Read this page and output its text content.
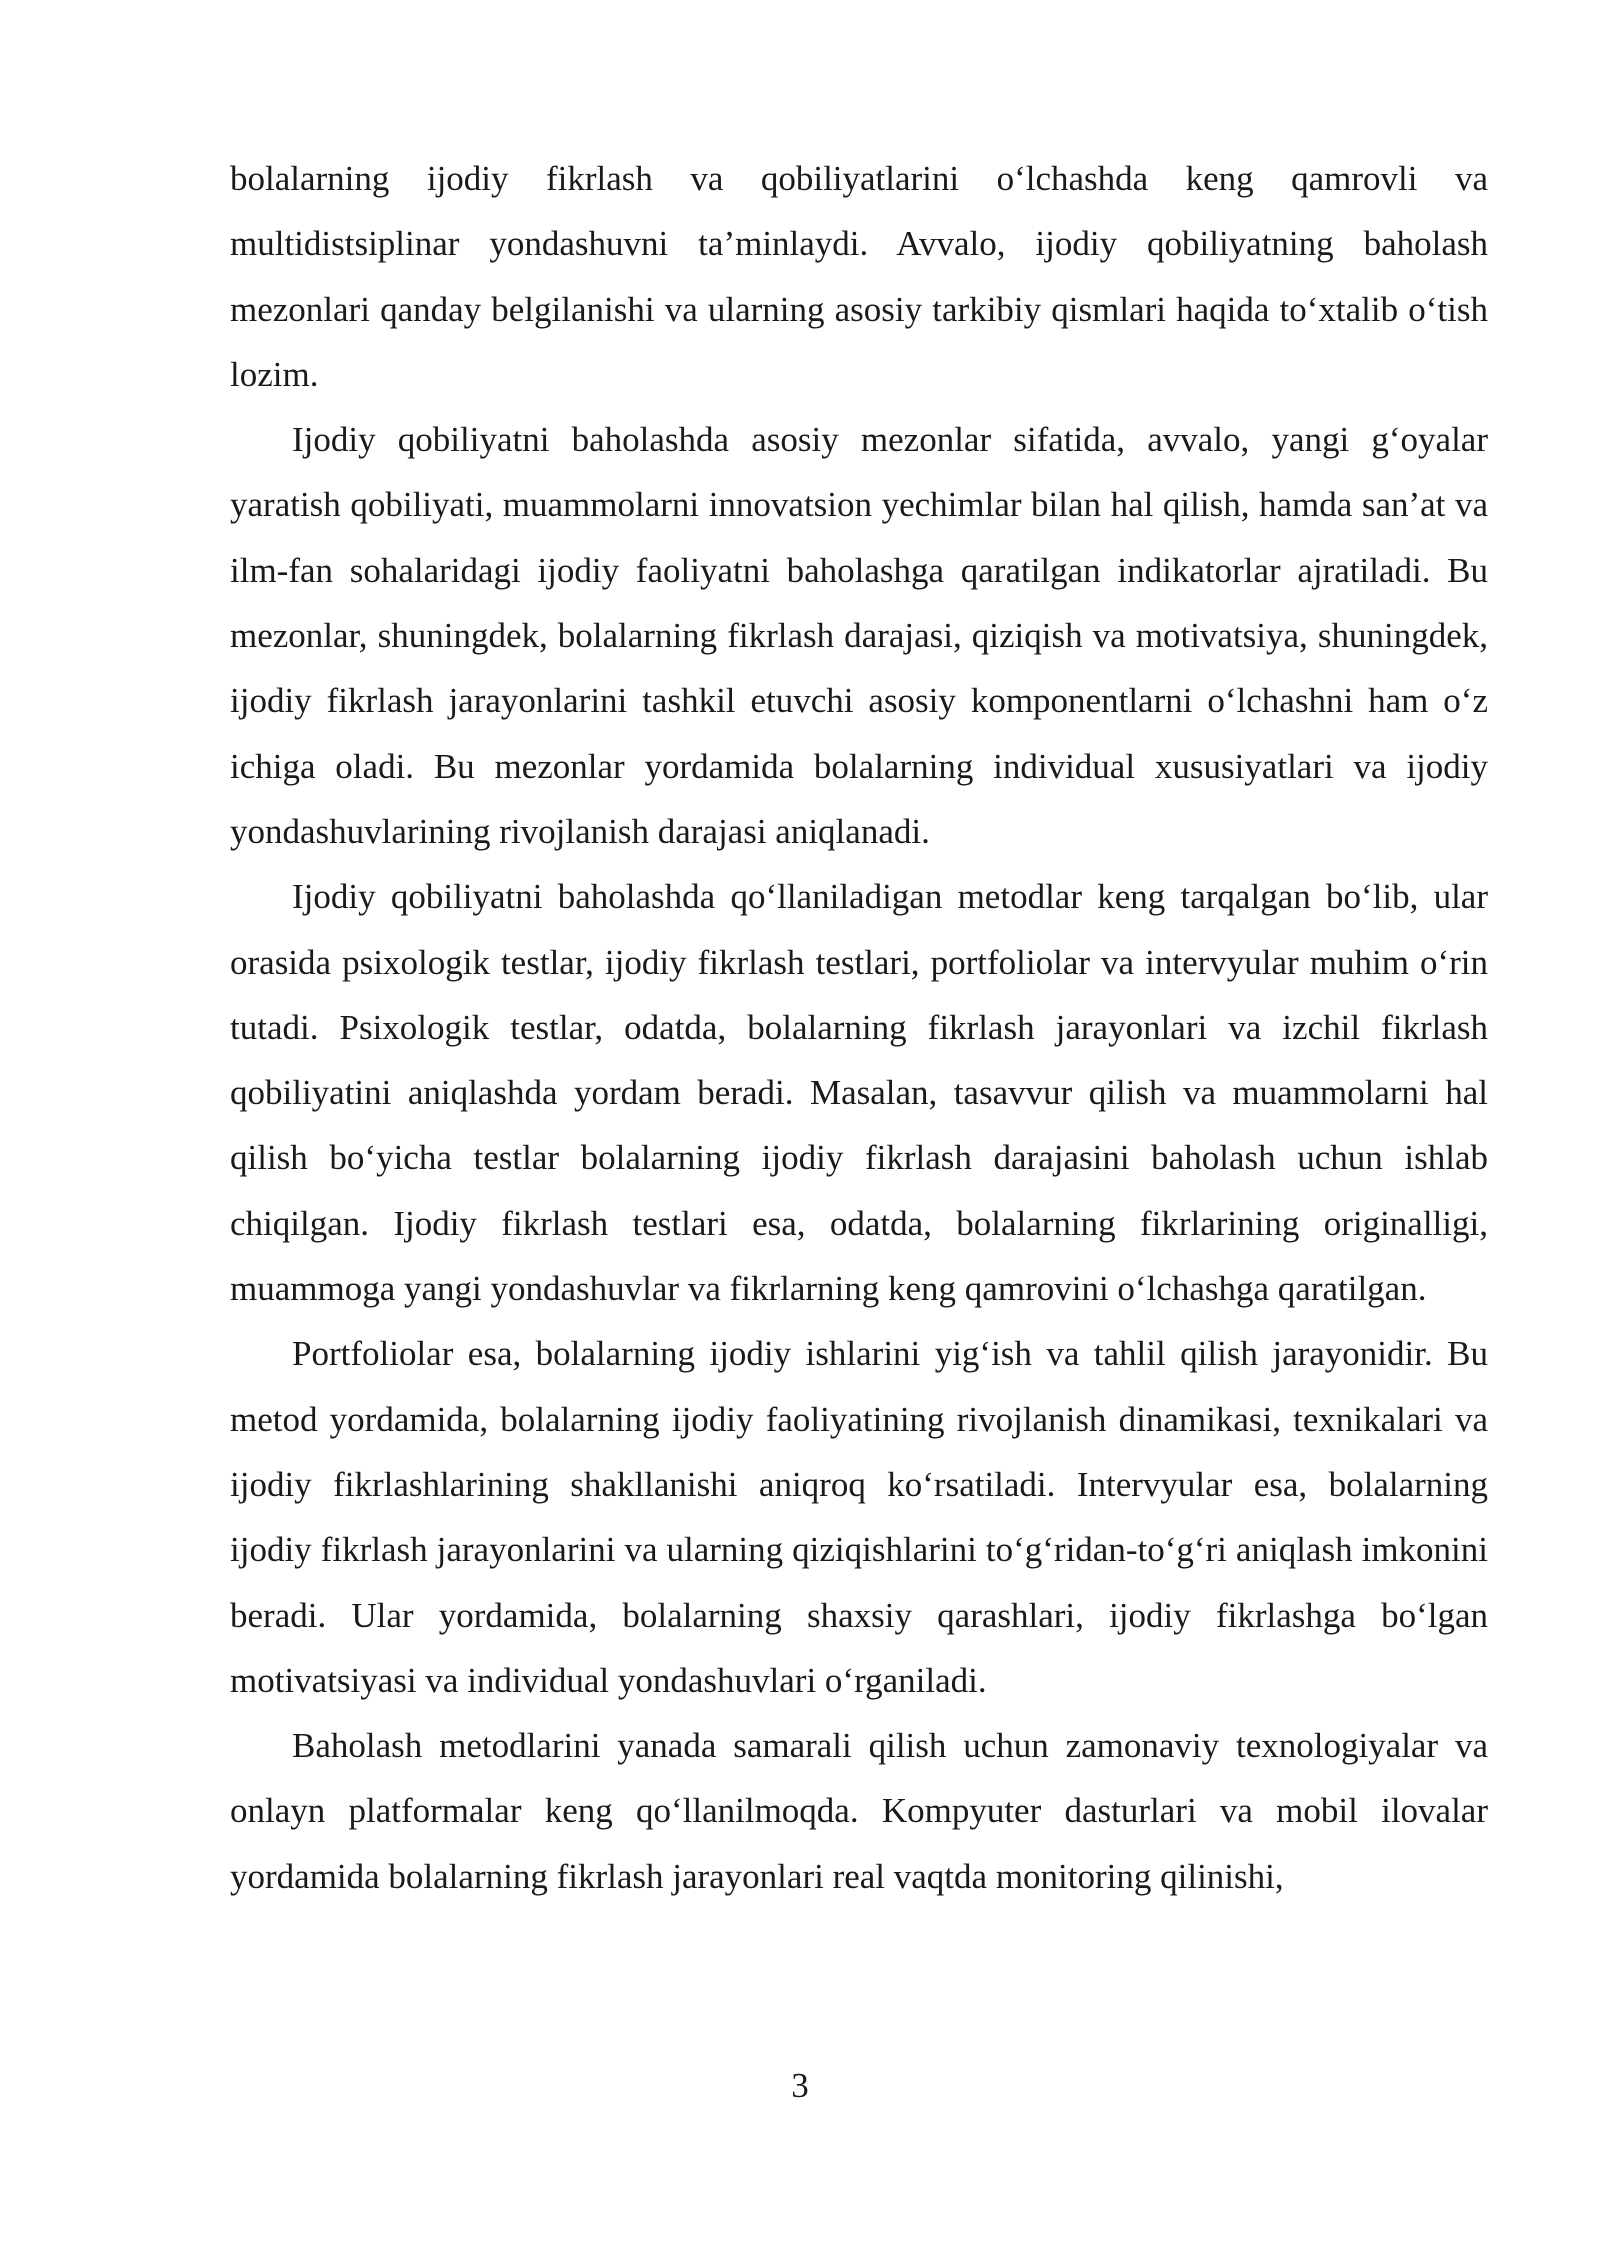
bolalarning ijodiy fikrlash va qobiliyatlarini o‘lchashda keng qamrovli va multidistsiplinar yondashuvni ta’minlaydi. Avvalo, ijodiy qobiliyatning baholash mezonlari qanday belgilanishi va ularning asosiy tarkibiy qismlari haqida to‘xtalib o‘tish lozim.

Ijodiy qobiliyatni baholashda asosiy mezonlar sifatida, avvalo, yangi g‘oyalar yaratish qobiliyati, muammolarni innovatsion yechimlar bilan hal qilish, hamda san’at va ilm-fan sohalaridagi ijodiy faoliyatni baholashga qaratilgan indikatorlar ajratiladi. Bu mezonlar, shuningdek, bolalarning fikrlash darajasi, qiziqish va motivatsiya, shuningdek, ijodiy fikrlash jarayonlarini tashkil etuvchi asosiy komponentlarni o‘lchashni ham o‘z ichiga oladi. Bu mezonlar yordamida bolalarning individual xususiyatlari va ijodiy yondashuvlarining rivojlanish darajasi aniqlanadi.

Ijodiy qobiliyatni baholashda qo‘llaniladigan metodlar keng tarqalgan bo‘lib, ular orasida psixologik testlar, ijodiy fikrlash testlari, portfoliolar va intervyular muhim o‘rin tutadi. Psixologik testlar, odatda, bolalarning fikrlash jarayonlari va izchil fikrlash qobiliyatini aniqlashda yordam beradi. Masalan, tasavvur qilish va muammolarni hal qilish bo‘yicha testlar bolalarning ijodiy fikrlash darajasini baholash uchun ishlab chiqilgan. Ijodiy fikrlash testlari esa, odatda, bolalarning fikrlarining originalligi, muammoga yangi yondashuvlar va fikrlarning keng qamrovini o‘lchashga qaratilgan.

Portfoliolar esa, bolalarning ijodiy ishlarini yig‘ish va tahlil qilish jarayonidir. Bu metod yordamida, bolalarning ijodiy faoliyatining rivojlanish dinamikasi, texnikalari va ijodiy fikrlashlarining shakllanishi aniqroq ko‘rsatiladi. Intervyular esa, bolalarning ijodiy fikrlash jarayonlarini va ularning qiziqishlarini to‘g‘ridan-to‘g‘ri aniqlash imkonini beradi. Ular yordamida, bolalarning shaxsiy qarashlari, ijodiy fikrlashga bo‘lgan motivatsiyasi va individual yondashuvlari o‘rganiladi.

Baholash metodlarini yanada samarali qilish uchun zamonaviy texnologiyalar va onlayn platformalar keng qo‘llanilmoqda. Kompyuter dasturlari va mobil ilovalar yordamida bolalarning fikrlash jarayonlari real vaqtda monitoring qilinishi,

3
